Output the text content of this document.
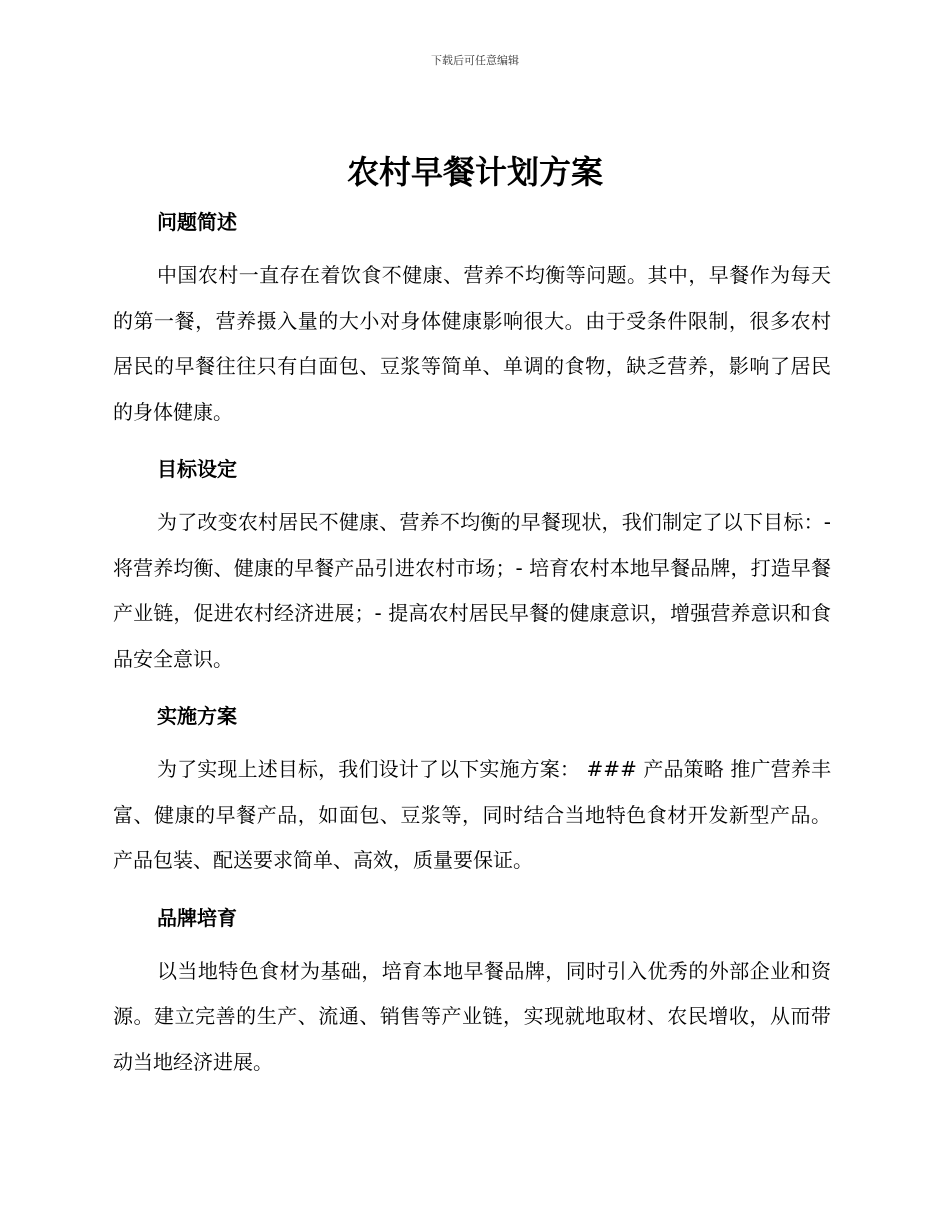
下载后可任意编辑
农村早餐计划方案
问题简述

中国农村一直存在着饮食不健康、营养不均衡等问题。其中，早餐作为每天的第一餐，营养摄入量的大小对身体健康影响很大。由于受条件限制，很多农村居民的早餐往往只有白面包、豆浆等简单、单调的食物，缺乏营养，影响了居民的身体健康。

目标设定

为了改变农村居民不健康、营养不均衡的早餐现状，我们制定了以下目标：- 将营养均衡、健康的早餐产品引进农村市场；- 培育农村本地早餐品牌，打造早餐产业链，促进农村经济进展；- 提高农村居民早餐的健康意识，增强营养意识和食品安全意识。

实施方案

为了实现上述目标，我们设计了以下实施方案： ### 产品策略 推广营养丰富、健康的早餐产品，如面包、豆浆等，同时结合当地特色食材开发新型产品。产品包装、配送要求简单、高效，质量要保证。

品牌培育

以当地特色食材为基础，培育本地早餐品牌，同时引入优秀的外部企业和资源。建立完善的生产、流通、销售等产业链，实现就地取材、农民增收，从而带动当地经济进展。
